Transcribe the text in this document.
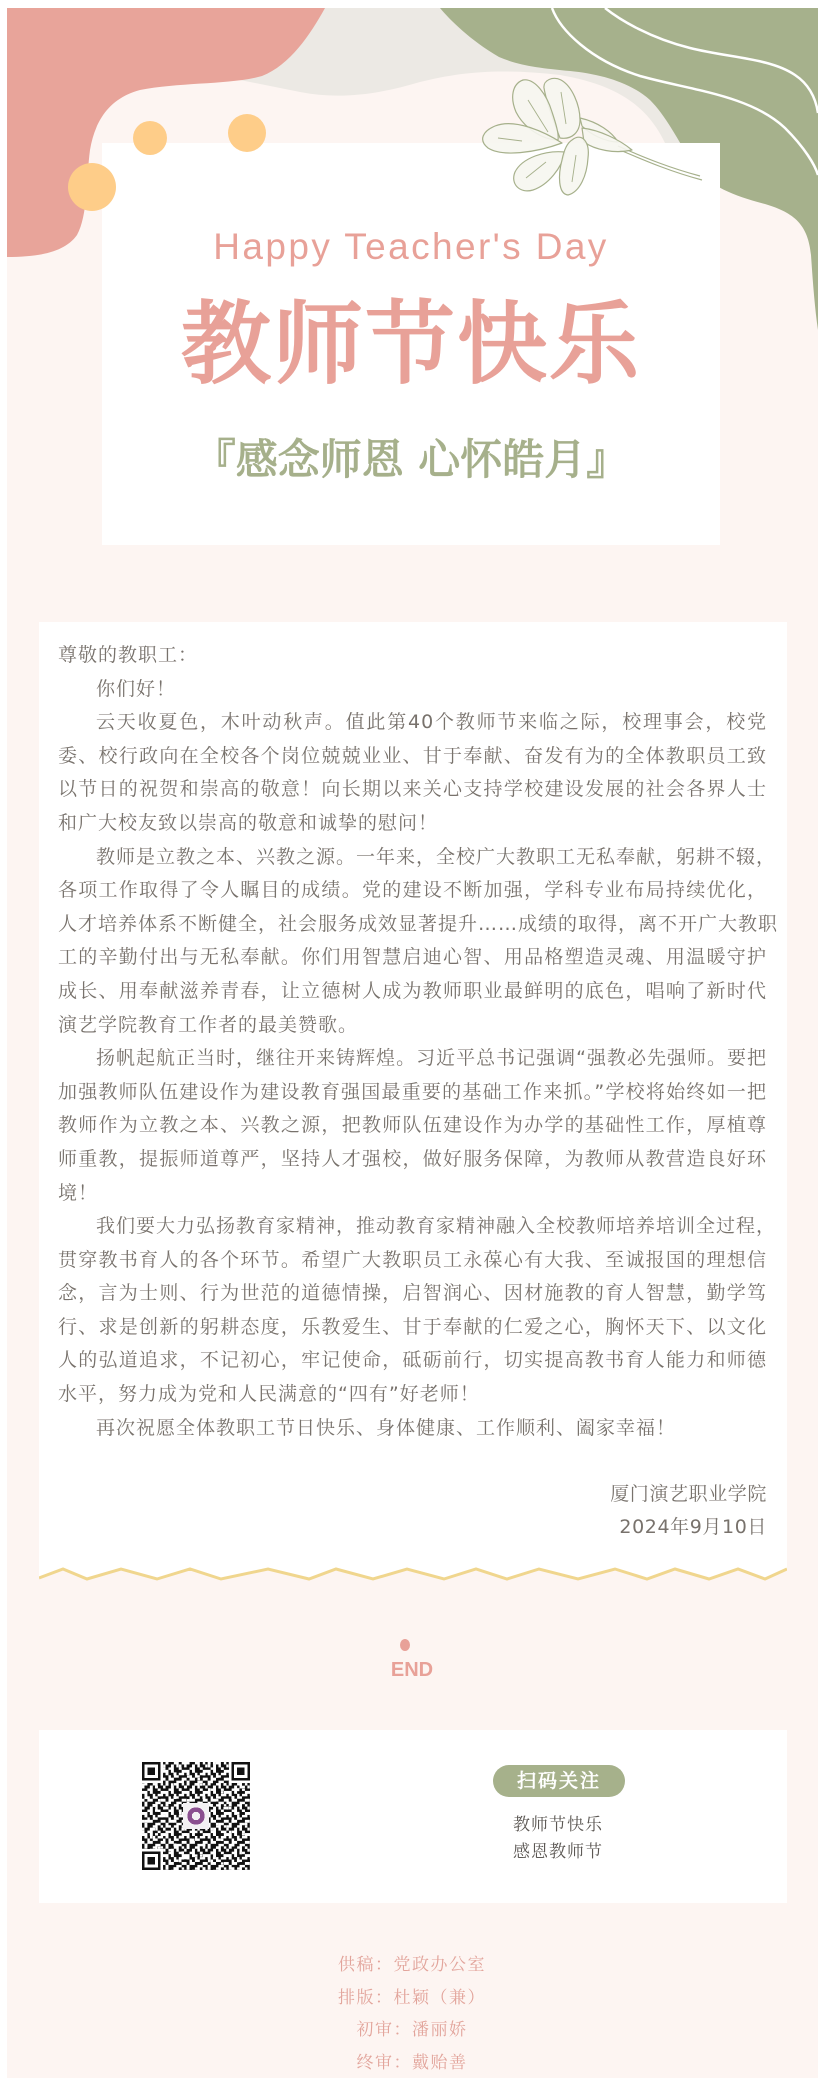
Happy Teacher's Day
教师节快乐
『感念师恩 心怀皓月』
尊敬的教职工：
你们好！
云天收夏色，木叶动秋声。值此第40个教师节来临之际，校理事会，校党
委、校行政向在全校各个岗位兢兢业业、甘于奉献、奋发有为的全体教职员工致
以节日的祝贺和崇高的敬意！向长期以来关心支持学校建设发展的社会各界人士
和广大校友致以崇高的敬意和诚挚的慰问！
教师是立教之本、兴教之源。一年来，全校广大教职工无私奉献，躬耕不辍，
各项工作取得了令人瞩目的成绩。党的建设不断加强，学科专业布局持续优化，
人才培养体系不断健全，社会服务成效显著提升……成绩的取得，离不开广大教职
工的辛勤付出与无私奉献。你们用智慧启迪心智、用品格塑造灵魂、用温暖守护
成长、用奉献滋养青春，让立德树人成为教师职业最鲜明的底色，唱响了新时代
演艺学院教育工作者的最美赞歌。
扬帆起航正当时，继往开来铸辉煌。习近平总书记强调“强教必先强师。要把
加强教师队伍建设作为建设教育强国最重要的基础工作来抓。”学校将始终如一把
教师作为立教之本、兴教之源，把教师队伍建设作为办学的基础性工作，厚植尊
师重教，提振师道尊严，坚持人才强校，做好服务保障，为教师从教营造良好环
境！
我们要大力弘扬教育家精神，推动教育家精神融入全校教师培养培训全过程，
贯穿教书育人的各个环节。希望广大教职员工永葆心有大我、至诚报国的理想信
念，言为士则、行为世范的道德情操，启智润心、因材施教的育人智慧，勤学笃
行、求是创新的躬耕态度，乐教爱生、甘于奉献的仁爱之心，胸怀天下、以文化
人的弘道追求，不记初心，牢记使命，砥砺前行，切实提高教书育人能力和师德
水平，努力成为党和人民满意的“四有”好老师！
再次祝愿全体教职工节日快乐、身体健康、工作顺利、阖家幸福！
厦门演艺职业学院
2024年9月10日
END
扫码关注
教师节快乐
感恩教师节
供稿：党政办公室
排版：杜颖（兼）
初审：潘丽娇
终审：戴贻善
